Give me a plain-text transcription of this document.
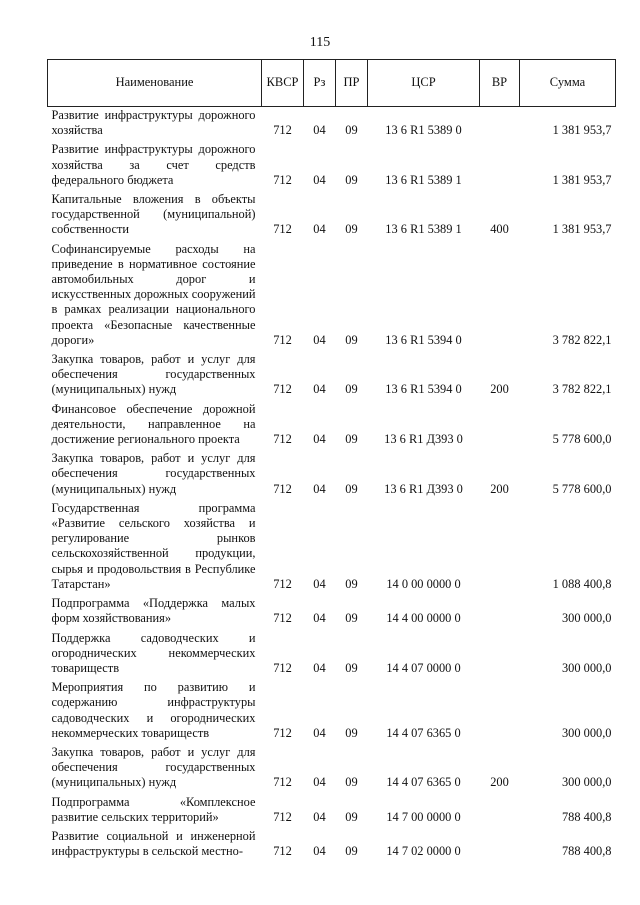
115
Наименование	КВСР	Рз	ПР	ЦСР	ВР	Сумма
Развитие инфраструктуры дорожного хозяйства	712	04	09	13 6 R1 5389 0		1 381 953,7
Развитие инфраструктуры дорожного хозяйства за счет средств федерального бюджета	712	04	09	13 6 R1 5389 1		1 381 953,7
Капитальные вложения в объекты государственной (муниципальной) собственности	712	04	09	13 6 R1 5389 1	400	1 381 953,7
Софинансируемые расходы на приведение в нормативное состояние автомобильных дорог и искусственных дорожных сооружений в рамках реализации национального проекта «Безопасные качественные дороги»	712	04	09	13 6 R1 5394 0		3 782 822,1
Закупка товаров, работ и услуг для обеспечения государственных (муниципальных) нужд	712	04	09	13 6 R1 5394 0	200	3 782 822,1
Финансовое обеспечение дорожной деятельности, направленное на достижение регионального проекта	712	04	09	13 6 R1 Д393 0		5 778 600,0
Закупка товаров, работ и услуг для обеспечения государственных (муниципальных) нужд	712	04	09	13 6 R1 Д393 0	200	5 778 600,0
Государственная программа «Развитие сельского хозяйства и регулирование рынков сельскохозяйственной продукции, сырья и продовольствия в Республике Татарстан»	712	04	09	14 0 00 0000 0		1 088 400,8
Подпрограмма «Поддержка малых форм хозяйствования»	712	04	09	14 4 00 0000 0		300 000,0
Поддержка садоводческих и огороднических некоммерческих товариществ	712	04	09	14 4 07 0000 0		300 000,0
Мероприятия по развитию и содержанию инфраструктуры садоводческих и огороднических некоммерческих товариществ	712	04	09	14 4 07 6365 0		300 000,0
Закупка товаров, работ и услуг для обеспечения государственных (муниципальных) нужд	712	04	09	14 4 07 6365 0	200	300 000,0
Подпрограмма «Комплексное развитие сельских территорий»	712	04	09	14 7 00 0000 0		788 400,8
Развитие социальной и инженерной инфраструктуры в сельской местно-	712	04	09	14 7 02 0000 0		788 400,8
